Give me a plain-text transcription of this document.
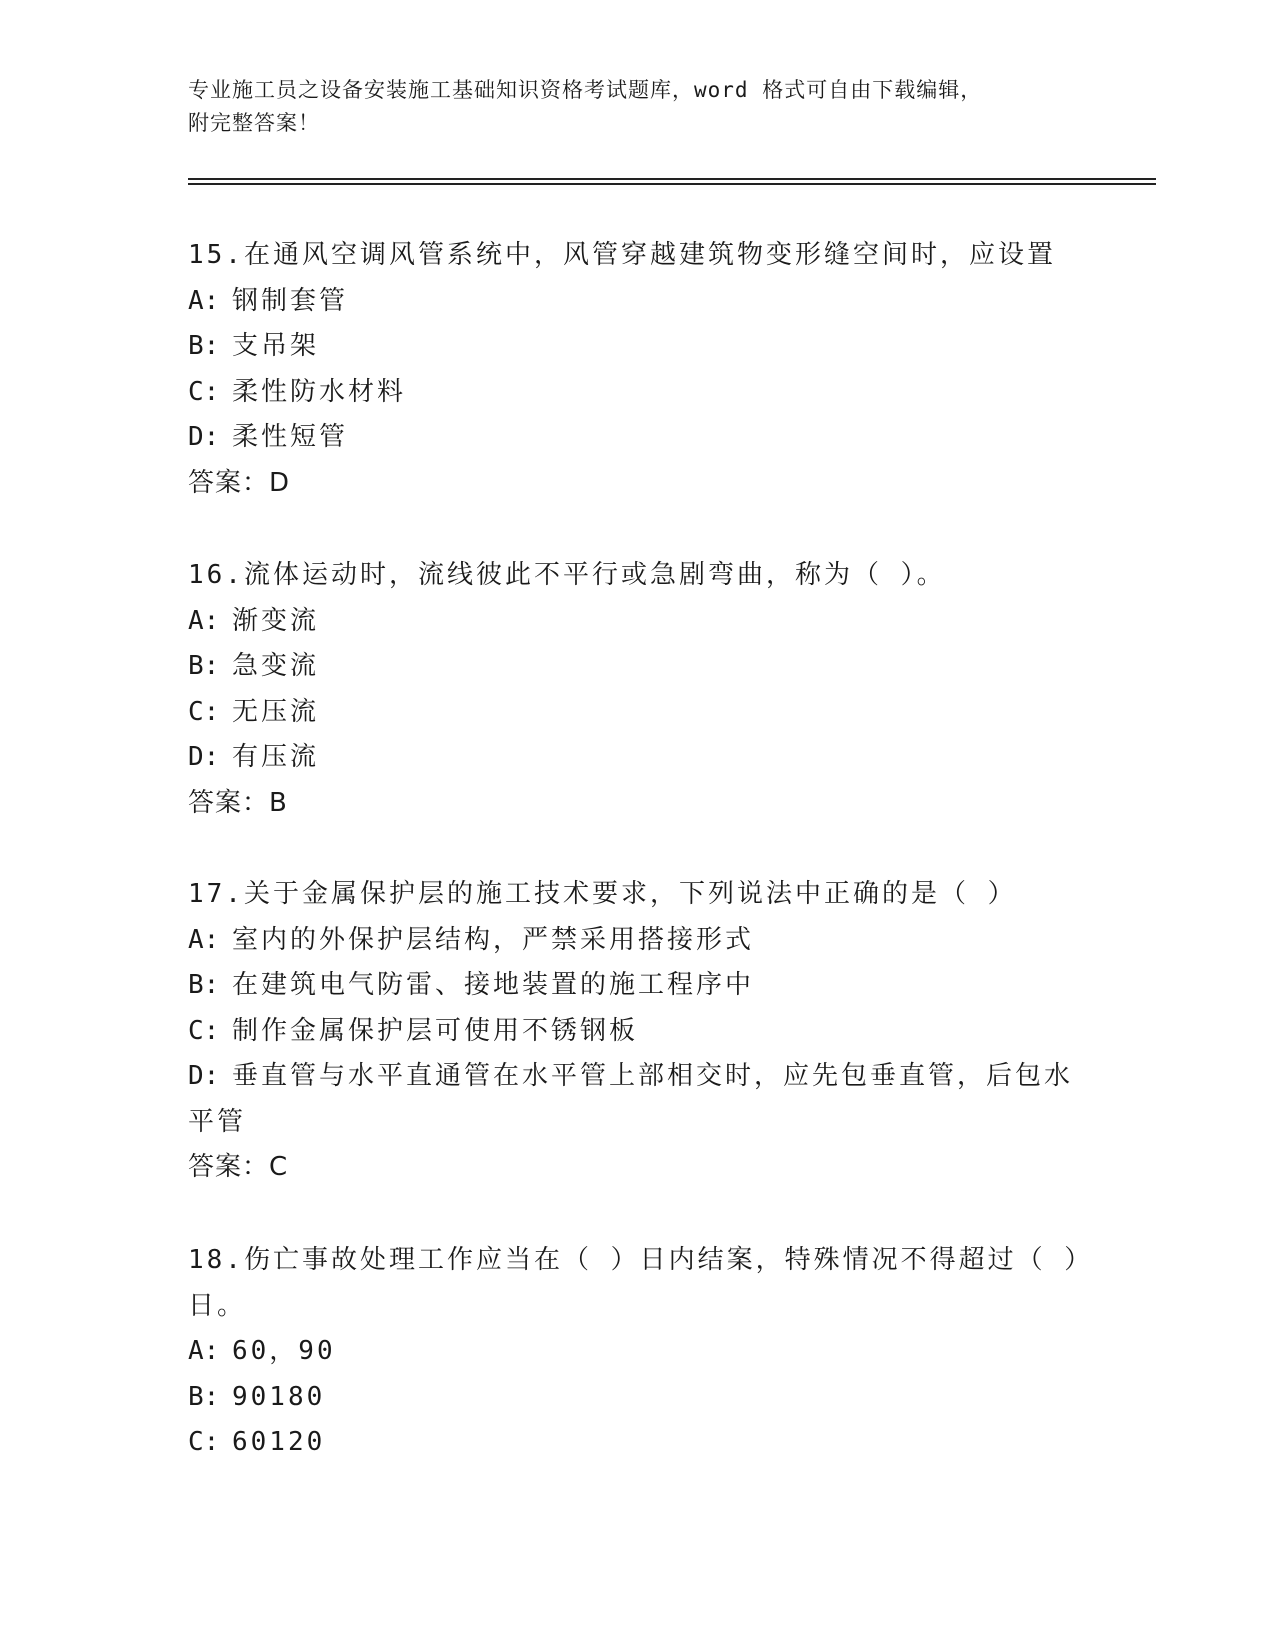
专业施工员之设备安装施工基础知识资格考试题库，word 格式可自由下载编辑，
附完整答案！

15.在通风空调风管系统中，风管穿越建筑物变形缝空间时，应设置

A: 钢制套管

B: 支吊架

C: 柔性防水材料

D: 柔性短管

答案：D

16.流体运动时，流线彼此不平行或急剧弯曲，称为（ ）。

A: 渐变流

B: 急变流

C: 无压流

D: 有压流

答案：B

17.关于金属保护层的施工技术要求，下列说法中正确的是（ ）

A: 室内的外保护层结构，严禁采用搭接形式

B: 在建筑电气防雷、接地装置的施工程序中

C: 制作金属保护层可使用不锈钢板

D: 垂直管与水平直通管在水平管上部相交时，应先包垂直管，后包水

平管

答案：C

18.伤亡事故处理工作应当在（ ）日内结案，特殊情况不得超过（ ）

日。

A: 60，90

B: 90180

C: 60120
